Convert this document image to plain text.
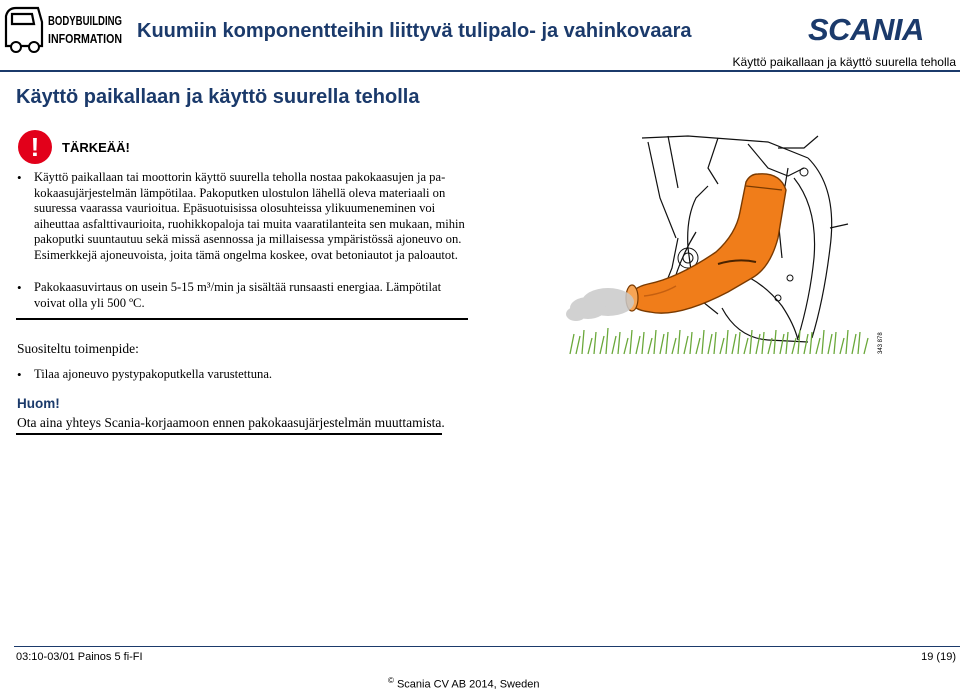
BODYBUILDING
INFORMATION Kuumiin komponentteihin liittyvä tulipalo- ja vahinkovaara	SCANIA
Käyttö paikallaan ja käyttö suurella teholla
Käyttö paikallaan ja käyttö suurella teholla
!	TÄRKEÄÄ!
• Käyttö paikallaan tai moottorin käyttö suurella teholla nostaa pakokaasujen ja pakokaasujärjestelmän lämpötilaa. Pakoputken ulostulon lähellä oleva materiaali on suuressa vaarassa vaurioitua. Epäsuotuisissa olosuhteissa ylikuumeneminen voi aiheuttaa asfalttivaurioita, ruohikkopaloja tai muita vaaratilanteita sen mukaan, mihin pakoputki suuntautuu sekä missä asennossa ja millaisessa ympäristössä ajoneuvo on. Esimerkkejä ajoneuvoista, joita tämä ongelma koskee, ovat betoniautot ja paloautot.
• Pakokaasuvirtaus on usein 5-15 m³/min ja sisältää runsaasti energiaa. Lämpötilat voivat olla yli 500 ºC.
Suositeltu toimenpide:
• Tilaa ajoneuvo pystypakoputkella varustettuna.
Huom!
Ota aina yhteys Scania-korjaamoon ennen pakokaasujärjestelmän muuttamista.
343 878
03:10-03/01 Painos 5 fi-FI	19 (19)
© Scania CV AB 2014, Sweden
